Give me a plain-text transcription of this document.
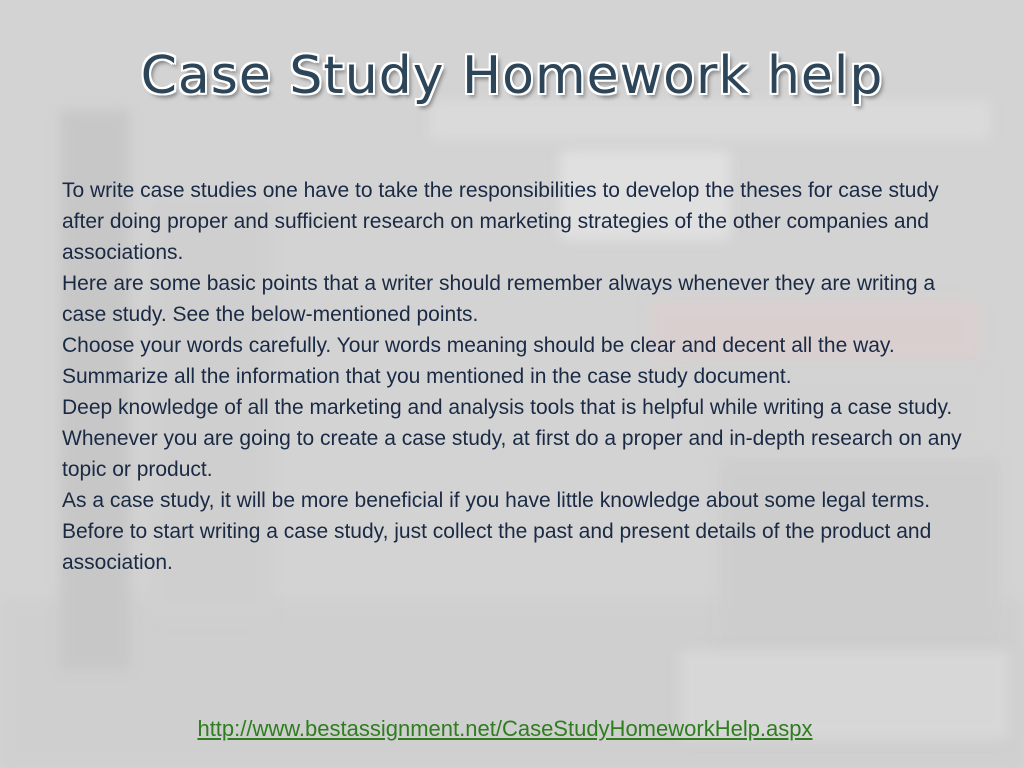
Case Study Homework help

To write case studies one have to take the responsibilities to develop the theses for case study after doing proper and sufficient research on marketing strategies of the other companies and associations.

Here are some basic points that a writer should remember always whenever they are writing a case study. See the below-mentioned points.

Choose your words carefully. Your words meaning should be clear and decent all the way.

Summarize all the information that you mentioned in the case study document.

Deep knowledge of all the marketing and analysis tools that is helpful while writing a case study.

Whenever you are going to create a case study, at first do a proper and in-depth research on any topic or product.

As a case study, it will be more beneficial if you have little knowledge about some legal terms.

Before to start writing a case study, just collect the past and present details of the product and association.

http://www.bestassignment.net/CaseStudyHomeworkHelp.aspx
